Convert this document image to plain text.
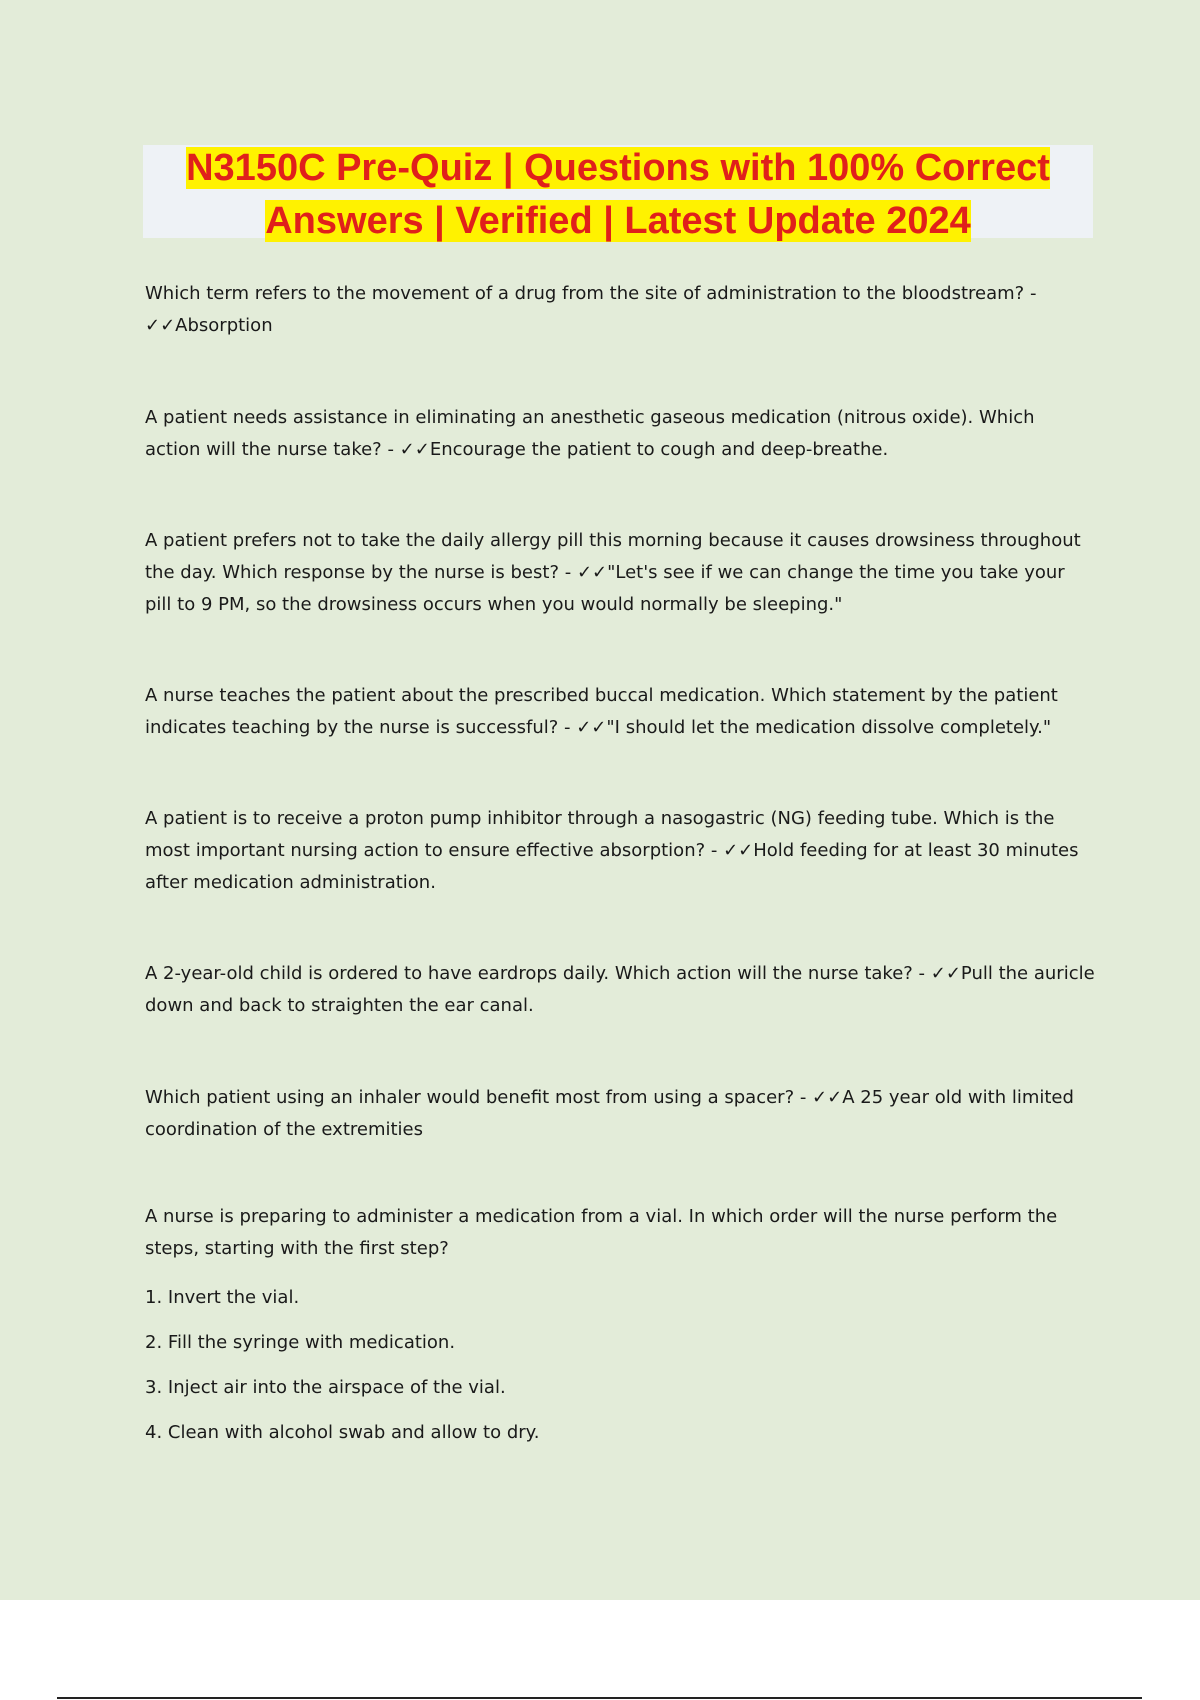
N3150C Pre-Quiz | Questions with 100% Correct
Answers | Verified | Latest Update 2024

Which term refers to the movement of a drug from the site of administration to the bloodstream? - ✓✓Absorption

A patient needs assistance in eliminating an anesthetic gaseous medication (nitrous oxide). Which action will the nurse take? - ✓✓Encourage the patient to cough and deep-breathe.

A patient prefers not to take the daily allergy pill this morning because it causes drowsiness throughout the day. Which response by the nurse is best? - ✓✓"Let's see if we can change the time you take your pill to 9 PM, so the drowsiness occurs when you would normally be sleeping."

A nurse teaches the patient about the prescribed buccal medication. Which statement by the patient indicates teaching by the nurse is successful? - ✓✓"I should let the medication dissolve completely."

A patient is to receive a proton pump inhibitor through a nasogastric (NG) feeding tube. Which is the most important nursing action to ensure effective absorption? - ✓✓Hold feeding for at least 30 minutes after medication administration.

A 2-year-old child is ordered to have eardrops daily. Which action will the nurse take? - ✓✓Pull the auricle down and back to straighten the ear canal.

Which patient using an inhaler would benefit most from using a spacer? - ✓✓A 25 year old with limited coordination of the extremities

A nurse is preparing to administer a medication from a vial. In which order will the nurse perform the steps, starting with the first step?

1. Invert the vial.
2. Fill the syringe with medication.
3. Inject air into the airspace of the vial.
4. Clean with alcohol swab and allow to dry.
